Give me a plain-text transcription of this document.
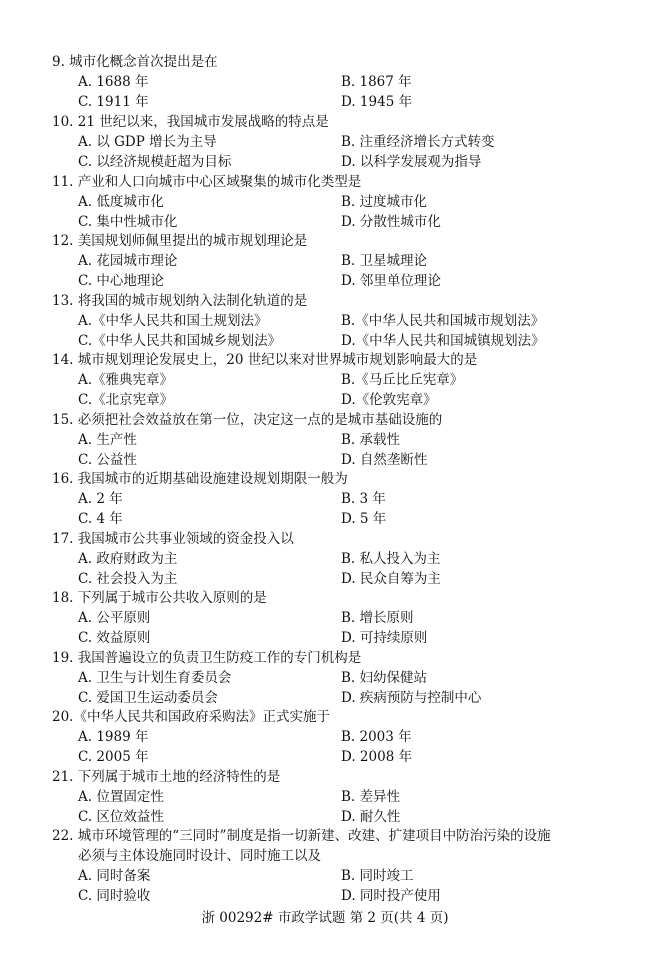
9. 城市化概念首次提出是在
A. 1688 年	B. 1867 年
C. 1911 年	D. 1945 年
10. 21 世纪以来，我国城市发展战略的特点是
A. 以 GDP 增长为主导	B. 注重经济增长方式转变
C. 以经济规模赶超为目标	D. 以科学发展观为指导
11. 产业和人口向城市中心区域聚集的城市化类型是
A. 低度城市化	B. 过度城市化
C. 集中性城市化	D. 分散性城市化
12. 美国规划师佩里提出的城市规划理论是
A. 花园城市理论	B. 卫星城理论
C. 中心地理论	D. 邻里单位理论
13. 将我国的城市规划纳入法制化轨道的是
A.《中华人民共和国土规划法》	B.《中华人民共和国城市规划法》
C.《中华人民共和国城乡规划法》	D.《中华人民共和国城镇规划法》
14. 城市规划理论发展史上，20 世纪以来对世界城市规划影响最大的是
A.《雅典宪章》	B.《马丘比丘宪章》
C.《北京宪章》	D.《伦敦宪章》
15. 必须把社会效益放在第一位，决定这一点的是城市基础设施的
A. 生产性	B. 承载性
C. 公益性	D. 自然垄断性
16. 我国城市的近期基础设施建设规划期限一般为
A. 2 年	B. 3 年
C. 4 年	D. 5 年
17. 我国城市公共事业领域的资金投入以
A. 政府财政为主	B. 私人投入为主
C. 社会投入为主	D. 民众自筹为主
18. 下列属于城市公共收入原则的是
A. 公平原则	B. 增长原则
C. 效益原则	D. 可持续原则
19. 我国普遍设立的负责卫生防疫工作的专门机构是
A. 卫生与计划生育委员会	B. 妇幼保健站
C. 爱国卫生运动委员会	D. 疾病预防与控制中心
20.《中华人民共和国政府采购法》正式实施于
A. 1989 年	B. 2003 年
C. 2005 年	D. 2008 年
21. 下列属于城市土地的经济特性的是
A. 位置固定性	B. 差异性
C. 区位效益性	D. 耐久性
22. 城市环境管理的“三同时”制度是指一切新建、改建、扩建项目中防治污染的设施
必须与主体设施同时设计、同时施工以及
A. 同时备案	B. 同时竣工
C. 同时验收	D. 同时投产使用
浙 00292# 市政学试题 第 2 页(共 4 页)
